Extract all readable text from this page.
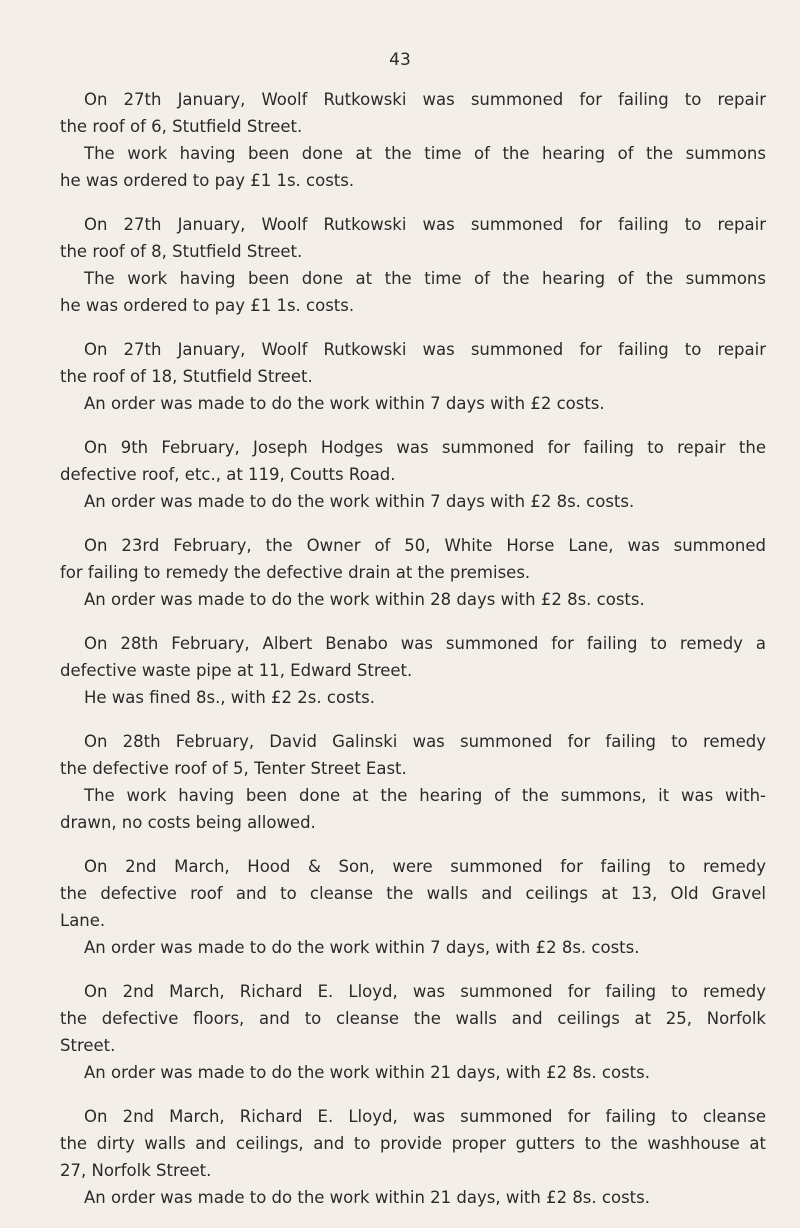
43
On 27th January, Woolf Rutkowski was summoned for failing to repair
the roof of 6, Stutfield Street.
The work having been done at the time of the hearing of the summons
he was ordered to pay £1 1s. costs.
On 27th January, Woolf Rutkowski was summoned for failing to repair
the roof of 8, Stutfield Street.
The work having been done at the time of the hearing of the summons
he was ordered to pay £1 1s. costs.
On 27th January, Woolf Rutkowski was summoned for failing to repair
the roof of 18, Stutfield Street.
An order was made to do the work within 7 days with £2 costs.
On 9th February, Joseph Hodges was summoned for failing to repair the
defective roof, etc., at 119, Coutts Road.
An order was made to do the work within 7 days with £2 8s. costs.
On 23rd February, the Owner of 50, White Horse Lane, was summoned
for failing to remedy the defective drain at the premises.
An order was made to do the work within 28 days with £2 8s. costs.
On 28th February, Albert Benabo was summoned for failing to remedy a
defective waste pipe at 11, Edward Street.
He was fined 8s., with £2 2s. costs.
On 28th February, David Galinski was summoned for failing to remedy
the defective roof of 5, Tenter Street East.
The work having been done at the hearing of the summons, it was with-
drawn, no costs being allowed.
On 2nd March, Hood & Son, were summoned for failing to remedy
the defective roof and to cleanse the walls and ceilings at 13, Old Gravel
Lane.
An order was made to do the work within 7 days, with £2 8s. costs.
On 2nd March, Richard E. Lloyd, was summoned for failing to remedy
the defective floors, and to cleanse the walls and ceilings at 25, Norfolk
Street.
An order was made to do the work within 21 days, with £2 8s. costs.
On 2nd March, Richard E. Lloyd, was summoned for failing to cleanse
the dirty walls and ceilings, and to provide proper gutters to the washhouse at
27, Norfolk Street.
An order was made to do the work within 21 days, with £2 8s. costs.
